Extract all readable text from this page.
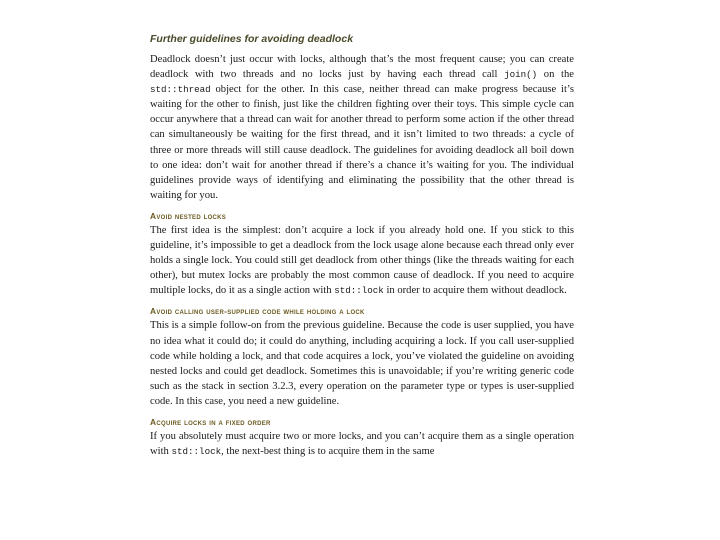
Further guidelines for avoiding deadlock

Deadlock doesn’t just occur with locks, although that’s the most frequent cause; you can create deadlock with two threads and no locks just by having each thread call join() on the std::thread object for the other. In this case, neither thread can make progress because it’s waiting for the other to finish, just like the children fighting over their toys. This simple cycle can occur anywhere that a thread can wait for another thread to perform some action if the other thread can simultaneously be waiting for the first thread, and it isn’t limited to two threads: a cycle of three or more threads will still cause deadlock. The guidelines for avoiding deadlock all boil down to one idea: don’t wait for another thread if there’s a chance it’s waiting for you. The individual guidelines provide ways of identifying and eliminating the possibility that the other thread is waiting for you.

Avoid nested locks

The first idea is the simplest: don’t acquire a lock if you already hold one. If you stick to this guideline, it’s impossible to get a deadlock from the lock usage alone because each thread only ever holds a single lock. You could still get deadlock from other things (like the threads waiting for each other), but mutex locks are probably the most common cause of deadlock. If you need to acquire multiple locks, do it as a single action with std::lock in order to acquire them without deadlock.

Avoid calling user-supplied code while holding a lock

This is a simple follow-on from the previous guideline. Because the code is user supplied, you have no idea what it could do; it could do anything, including acquiring a lock. If you call user-supplied code while holding a lock, and that code acquires a lock, you’ve violated the guideline on avoiding nested locks and could get deadlock. Sometimes this is unavoidable; if you’re writing generic code such as the stack in section 3.2.3, every operation on the parameter type or types is user-supplied code. In this case, you need a new guideline.

Acquire locks in a fixed order

If you absolutely must acquire two or more locks, and you can’t acquire them as a single operation with std::lock, the next-best thing is to acquire them in the same
